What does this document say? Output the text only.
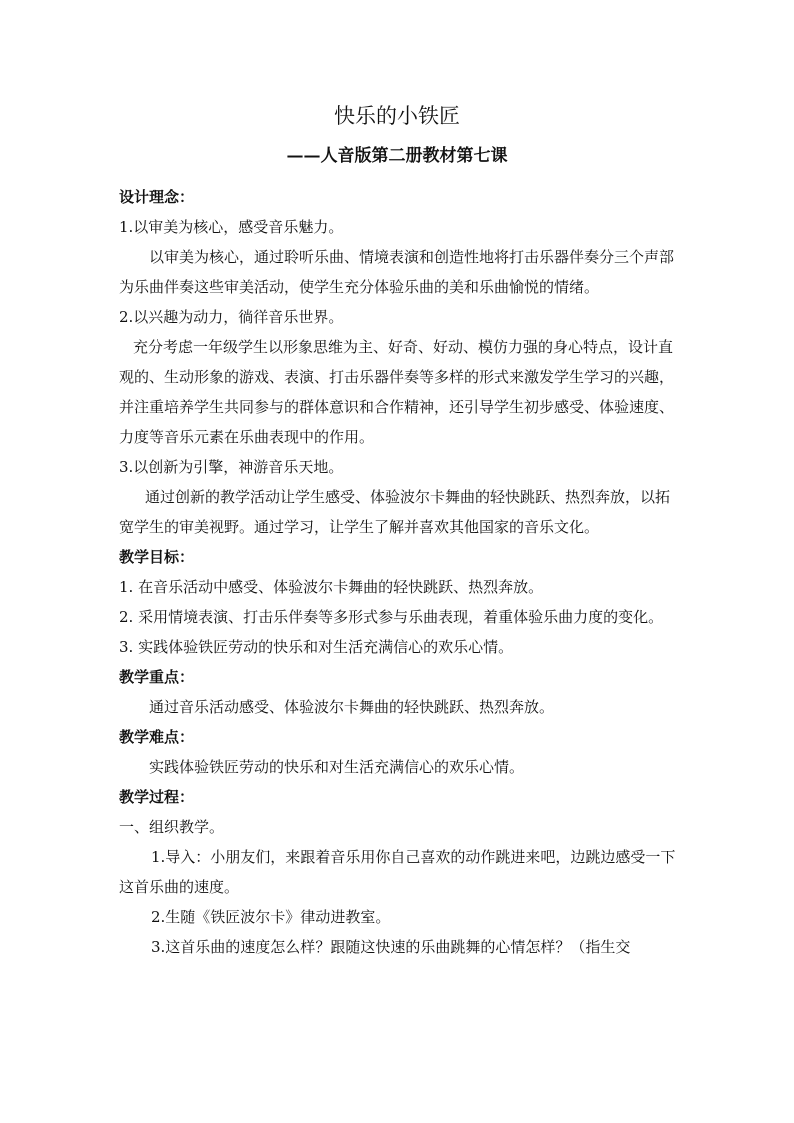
快乐的小铁匠
——人音版第二册教材第七课

设计理念：

1.以审美为核心，感受音乐魅力。

以审美为核心，通过聆听乐曲、情境表演和创造性地将打击乐器伴奏分三个声部为乐曲伴奏这些审美活动，使学生充分体验乐曲的美和乐曲愉悦的情绪。

2.以兴趣为动力，徜徉音乐世界。

充分考虑一年级学生以形象思维为主、好奇、好动、模仿力强的身心特点，设计直观的、生动形象的游戏、表演、打击乐器伴奏等多样的形式来激发学生学习的兴趣，并注重培养学生共同参与的群体意识和合作精神，还引导学生初步感受、体验速度、力度等音乐元素在乐曲表现中的作用。

3.以创新为引擎，神游音乐天地。

通过创新的教学活动让学生感受、体验波尔卡舞曲的轻快跳跃、热烈奔放，以拓宽学生的审美视野。通过学习，让学生了解并喜欢其他国家的音乐文化。

教学目标：

1. 在音乐活动中感受、体验波尔卡舞曲的轻快跳跃、热烈奔放。

2. 采用情境表演、打击乐伴奏等多形式参与乐曲表现，着重体验乐曲力度的变化。

3. 实践体验铁匠劳动的快乐和对生活充满信心的欢乐心情。

教学重点：

通过音乐活动感受、体验波尔卡舞曲的轻快跳跃、热烈奔放。

教学难点：

实践体验铁匠劳动的快乐和对生活充满信心的欢乐心情。

教学过程：

一、组织教学。

1.导入：小朋友们，来跟着音乐用你自己喜欢的动作跳进来吧，边跳边感受一下这首乐曲的速度。

2.生随《铁匠波尔卡》律动进教室。

3.这首乐曲的速度怎么样？跟随这快速的乐曲跳舞的心情怎样？（指生交
